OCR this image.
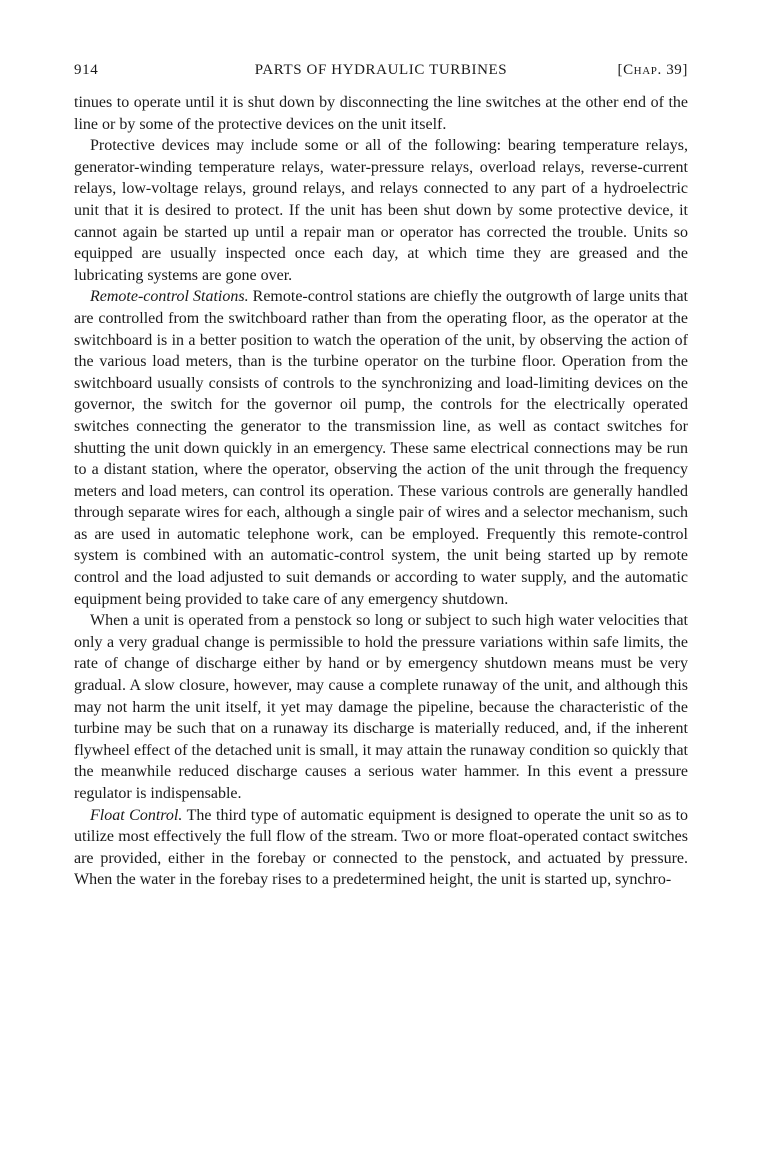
914	PARTS OF HYDRAULIC TURBINES	[Chap. 39]

tinues to operate until it is shut down by disconnecting the line switches at the other end of the line or by some of the protective devices on the unit itself.

Protective devices may include some or all of the following: bearing temperature relays, generator-winding temperature relays, water-pressure relays, overload relays, reverse-current relays, low-voltage relays, ground relays, and relays connected to any part of a hydroelectric unit that it is desired to protect. If the unit has been shut down by some protective device, it cannot again be started up until a repair man or operator has corrected the trouble. Units so equipped are usually inspected once each day, at which time they are greased and the lubricating systems are gone over.

Remote-control Stations. Remote-control stations are chiefly the outgrowth of large units that are controlled from the switchboard rather than from the operating floor, as the operator at the switchboard is in a better position to watch the operation of the unit, by observing the action of the various load meters, than is the turbine operator on the turbine floor. Operation from the switchboard usually consists of controls to the synchronizing and load-limiting devices on the governor, the switch for the governor oil pump, the controls for the electrically operated switches connecting the generator to the transmission line, as well as contact switches for shutting the unit down quickly in an emergency. These same electrical connections may be run to a distant station, where the operator, observing the action of the unit through the frequency meters and load meters, can control its operation. These various controls are generally handled through separate wires for each, although a single pair of wires and a selector mechanism, such as are used in automatic telephone work, can be employed. Frequently this remote-control system is combined with an automatic-control system, the unit being started up by remote control and the load adjusted to suit demands or according to water supply, and the automatic equipment being provided to take care of any emergency shutdown.

When a unit is operated from a penstock so long or subject to such high water velocities that only a very gradual change is permissible to hold the pressure variations within safe limits, the rate of change of discharge either by hand or by emergency shutdown means must be very gradual. A slow closure, however, may cause a complete runaway of the unit, and although this may not harm the unit itself, it yet may damage the pipeline, because the characteristic of the turbine may be such that on a runaway its discharge is materially reduced, and, if the inherent flywheel effect of the detached unit is small, it may attain the runaway condition so quickly that the meanwhile reduced discharge causes a serious water hammer. In this event a pressure regulator is indispensable.

Float Control. The third type of automatic equipment is designed to operate the unit so as to utilize most effectively the full flow of the stream. Two or more float-operated contact switches are provided, either in the forebay or connected to the penstock, and actuated by pressure. When the water in the forebay rises to a predetermined height, the unit is started up, synchro-
